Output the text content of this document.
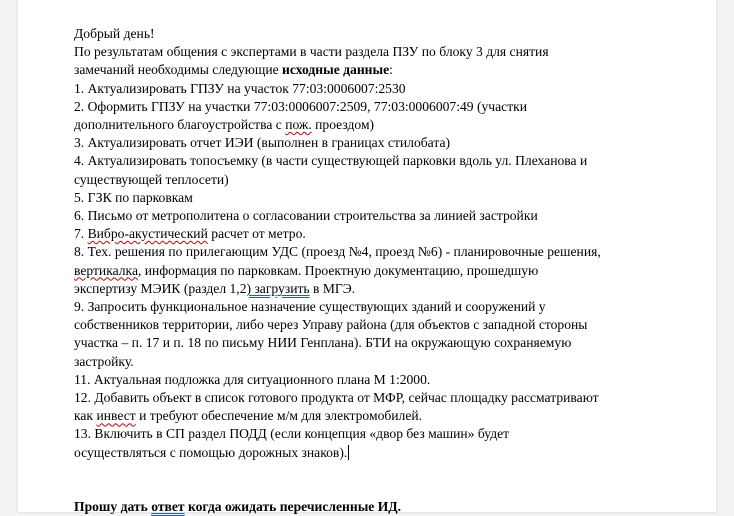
Добрый день!
По результатам общения с экспертами в части раздела ПЗУ по блоку 3 для снятия
замечаний необходимы следующие исходные данные:
1. Актуализировать ГПЗУ на участок 77:03:0006007:2530
2. Оформить ГПЗУ на участки 77:03:0006007:2509, 77:03:0006007:49 (участки
дополнительного благоустройства с пож. проездом)
3. Актуализировать отчет ИЭИ (выполнен в границах стилобата)
4. Актуализировать топосъемку (в части существующей парковки вдоль ул. Плеханова и
существующей теплосети)
5. ГЗК по парковкам
6. Письмо от метрополитена о согласовании строительства за линией застройки
7. Вибро-акустический расчет от метро.
8. Тех. решения по прилегающим УДС (проезд №4, проезд №6) - планировочные решения,
вертикалка, информация по парковкам. Проектную документацию, прошедшую
экспертизу МЭИК (раздел 1,2) загрузить в МГЭ.
9. Запросить функциональное назначение существующих зданий и сооружений у
собственников территории, либо через Управу района (для объектов с западной стороны
участка – п. 17 и п. 18 по письму НИИ Генплана). БТИ на окружающую сохраняемую
застройку.
11. Актуальная подложка для ситуационного плана М 1:2000.
12. Добавить объект в список готового продукта от МФР, сейчас площадку рассматривают
как инвест и требуют обеспечение м/м для электромобилей.
13. Включить в СП раздел ПОДД (если концепция «двор без машин» будет
осуществляться с помощью дорожных знаков).
Прошу дать ответ когда ожидать перечисленные ИД.
